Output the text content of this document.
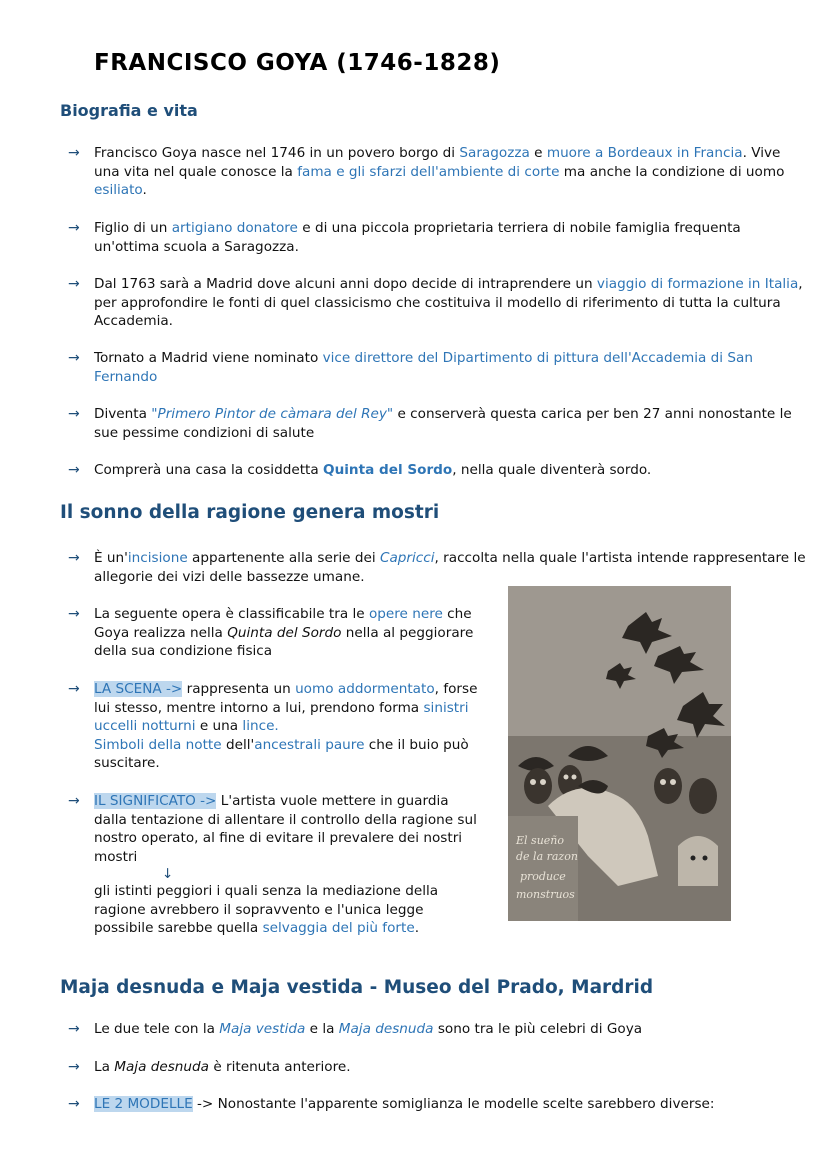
FRANCISCO GOYA (1746-1828)
Biografia e vita
→	Francisco Goya nasce nel 1746 in un povero borgo di Saragozza e muore a Bordeaux in Francia. Vive una vita nel quale conosce la fama e gli sfarzi dell'ambiente di corte ma anche la condizione di uomo esiliato.
→	Figlio di un artigiano donatore e di una piccola proprietaria terriera di nobile famiglia frequenta un'ottima scuola a Saragozza.
→	Dal 1763 sarà a Madrid dove alcuni anni dopo decide di intraprendere un viaggio di formazione in Italia, per approfondire le fonti di quel classicismo che costituiva il modello di riferimento di tutta la cultura Accademia.
→	Tornato a Madrid viene nominato vice direttore del Dipartimento di pittura dell'Accademia di San Fernando
→	Diventa "Primero Pintor de càmara del Rey" e conserverà questa carica per ben 27 anni nonostante le sue pessime condizioni di salute
→	Comprerà una casa la cosiddetta Quinta del Sordo, nella quale diventerà sordo.
Il sonno della ragione genera mostri
→	È un'incisione appartenente alla serie dei Capricci, raccolta nella quale l'artista intende rappresentare le allegorie dei vizi delle bassezze umane.
→	La seguente opera è classificabile tra le opere nere che Goya realizza nella Quinta del Sordo nella al peggiorare della sua condizione fisica
→	LA SCENA -> rappresenta un uomo addormentato, forse lui stesso, mentre intorno a lui, prendono forma sinistri uccelli notturni e una lince.
Simboli della notte dell'ancestrali paure che il buio può suscitare.
→	IL SIGNIFICATO -> L'artista vuole mettere in guardia dalla tentazione di allentare il controllo della ragione sul nostro operato, al fine di evitare il prevalere dei nostri mostri
↓
gli istinti peggiori i quali senza la mediazione della ragione avrebbero il sopravvento e l'unica legge possibile sarebbe quella selvaggia del più forte.
El sueño
de la razon
produce
monstruos
Maja desnuda e Maja vestida - Museo del Prado, Mardrid
→	Le due tele con la Maja vestida e la Maja desnuda sono tra le più celebri di Goya
→	La Maja desnuda è ritenuta anteriore.
→	LE 2 MODELLE -> Nonostante l'apparente somiglianza le modelle scelte sarebbero diverse:
